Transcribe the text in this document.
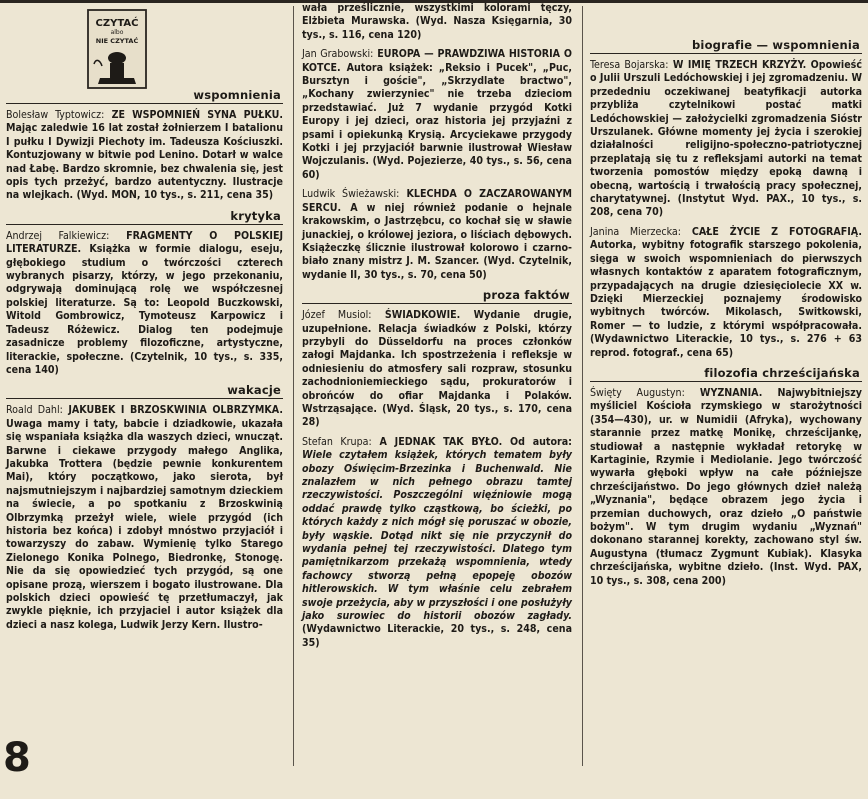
CZYTAĆ
albo
NIE CZYTAĆ
wspomnienia
Bolesław Typtowicz: ZE WSPOMNIEŃ SYNA PUŁKU. Mając zaledwie 16 lat został żołnierzem I batalionu I pułku I Dywizji Piechoty im. Tadeusza Kościuszki. Kontuzjowany w bitwie pod Lenino. Dotarł w walce nad Łabę. Bardzo skromnie, bez chwalenia się, jest opis tych przeżyć, bardzo autentyczny. Ilustracje na wlejkach. (Wyd. MON, 10 tys., s. 211, cena 35)
krytyka
Andrzej Falkiewicz: FRAGMENTY O POLSKIEJ LITERATURZE. Książka w formie dialogu, eseju, głębokiego studium o twórczości czterech wybranych pisarzy, którzy, w jego przekonaniu, odgrywają dominującą rolę we współczesnej polskiej literaturze. Są to: Leopold Buczkowski, Witold Gombrowicz, Tymoteusz Karpowicz i Tadeusz Różewicz. Dialog ten podejmuje zasadnicze problemy filozoficzne, artystyczne, literackie, społeczne. (Czytelnik, 10 tys., s. 335, cena 140)
wakacje
Roald Dahl: JAKUBEK I BRZOSKWINIA OLBRZYMKA. Uwaga mamy i taty, babcie i dziadkowie, ukazała się wspaniała książka dla waszych dzieci, wnucząt. Barwne i ciekawe przygody małego Anglika, Jakubka Trottera (będzie pewnie konkurentem Mai), który początkowo, jako sierota, był najsmutniejszym i najbardziej samotnym dzieckiem na świecie, a po spotkaniu z Brzoskwinią Olbrzymką przeżył wiele, wiele przygód (ich historia bez końca) i zdobył mnóstwo przyjaciół i towarzyszy do zabaw. Wymienię tylko Starego Zielonego Konika Polnego, Biedronkę, Stonogę. Nie da się opowiedzieć tych przygód, są one opisane prozą, wierszem i bogato ilustrowane. Dla polskich dzieci opowieść tę przetłumaczył, jak zwykle pięknie, ich przyjaciel i autor książek dla dzieci a nasz kolega, Ludwik Jerzy Kern. Ilustro-
wała prześlicznie, wszystkimi kolorami tęczy, Elżbieta Murawska. (Wyd. Nasza Księgarnia, 30 tys., s. 116, cena 120)
Jan Grabowski: EUROPA — PRAWDZIWA HISTORIA O KOTCE. Autora książek: „Reksio i Pucek", „Puc, Bursztyn i goście", „Skrzydlate bractwo", „Kochany zwierzyniec" nie trzeba dzieciom przedstawiać. Już 7 wydanie przygód Kotki Europy i jej dzieci, oraz historia jej przyjaźni z psami i opiekunką Krysią. Arcyciekawe przygody Kotki i jej przyjaciół barwnie ilustrował Wiesław Wojczulanis. (Wyd. Pojezierze, 40 tys., s. 56, cena 60)
Ludwik Świeżawski: KLECHDA O ZACZAROWANYM SERCU. A w niej również podanie o hejnale krakowskim, o Jastrzębcu, co kochał się w sławie junackiej, o królowej jeziora, o liściach dębowych. Książeczkę ślicznie ilustrował kolorowo i czarno-biało znany mistrz J. M. Szancer. (Wyd. Czytelnik, wydanie II, 30 tys., s. 70, cena 50)
proza faktów
Józef Musiol: ŚWIADKOWIE. Wydanie drugie, uzupełnione. Relacja świadków z Polski, którzy przybyli do Düsseldorfu na proces członków załogi Majdanka. Ich spostrzeżenia i refleksje w odniesieniu do atmosfery sali rozpraw, stosunku zachodnioniemieckiego sądu, prokuratorów i obrońców do ofiar Majdanka i Polaków. Wstrząsające. (Wyd. Śląsk, 20 tys., s. 170, cena 28)
Stefan Krupa: A JEDNAK TAK BYŁO. Od autora: Wiele czytałem książek, których tematem były obozy Oświęcim-Brzezinka i Buchenwald. Nie znalazłem w nich pełnego obrazu tamtej rzeczywistości. Poszczególni więźniowie mogą oddać prawdę tylko cząstkową, bo ścieżki, po których każdy z nich mógł się poruszać w obozie, były wąskie. Dotąd nikt się nie przyczynił do wydania pełnej tej rzeczywistości. Dlatego tym pamiętnikarzom przekażą wspomnienia, wtedy fachowcy stworzą pełną epopeję obozów hitlerowskich. W tym właśnie celu zebrałem swoje przeżycia, aby w przyszłości i one posłużyły jako surowiec do historii obozów zagłady. (Wydawnictwo Literackie, 20 tys., s. 248, cena 35)
biografie — wspomnienia
Teresa Bojarska: W IMIĘ TRZECH KRZYŻY. Opowieść o Julii Urszuli Ledóchowskiej i jej zgromadzeniu. W przededniu oczekiwanej beatyfikacji autorka przybliża czytelnikowi postać matki Ledóchowskiej — założycielki zgromadzenia Sióstr Urszulanek. Główne momenty jej życia i szerokiej działalności religijno-społeczno-patriotycznej przeplatają się tu z refleksjami autorki na temat tworzenia pomostów między epoką dawną i obecną, wartością i trwałością pracy społecznej, charytatywnej. (Instytut Wyd. PAX., 10 tys., s. 208, cena 70)
Janina Mierzecka: CAŁE ŻYCIE Z FOTOGRAFIĄ. Autorka, wybitny fotografik starszego pokolenia, sięga w swoich wspomnieniach do pierwszych własnych kontaktów z aparatem fotograficznym, przypadających na drugie dziesięciolecie XX w. Dzięki Mierzeckiej poznajemy środowisko wybitnych twórców. Mikolasch, Switkowski, Romer — to ludzie, z którymi współpracowała. (Wydawnictwo Literackie, 10 tys., s. 276 + 63 reprod. fotograf., cena 65)
filozofia chrześcijańska
Święty Augustyn: WYZNANIA. Najwybitniejszy myśliciel Kościoła rzymskiego w starożytności (354—430), ur. w Numidii (Afryka), wychowany starannie przez matkę Monikę, chrześcijankę, studiował a następnie wykładał retorykę w Kartaginie, Rzymie i Mediolanie. Jego twórczość wywarła głęboki wpływ na całe późniejsze chrześcijaństwo. Do jego głównych dzieł należą „Wyznania", będące obrazem jego życia i przemian duchowych, oraz dzieło „O państwie bożym". W tym drugim wydaniu „Wyznań" dokonano starannej korekty, zachowano styl św. Augustyna (tłumacz Zygmunt Kubiak). Klasyka chrześcijańska, wybitne dzieło. (Inst. Wyd. PAX, 10 tys., s. 308, cena 200)
8
